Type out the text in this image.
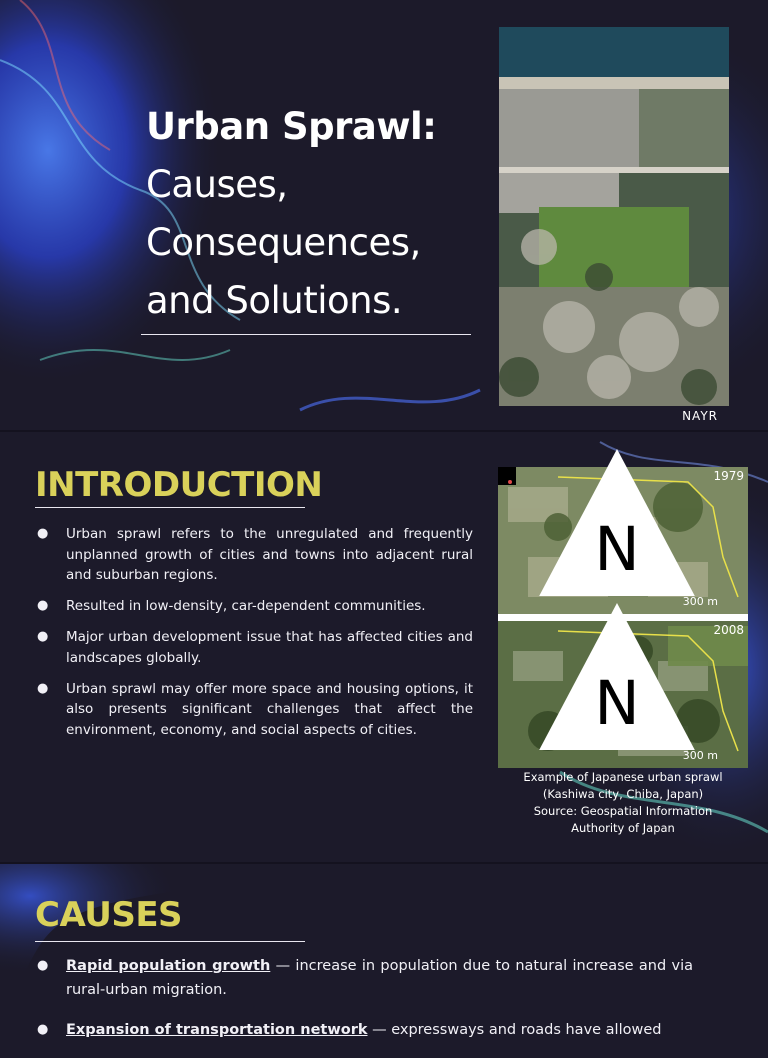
Urban Sprawl:
Causes,
Consequences,
and Solutions.
NAYR
INTRODUCTION
● Urban sprawl refers to the unregulated and frequently unplanned growth of cities and towns into adjacent rural and suburban regions.
● Resulted in low-density, car-dependent communities.
● Major urban development issue that has affected cities and landscapes globally.
● Urban sprawl may offer more space and housing options, it also presents significant challenges that affect the environment, economy, and social aspects of cities.
1979
N
300 m
2008
N
300 m
Example of Japanese urban sprawl
(Kashiwa city, Chiba, Japan)
Source: Geospatial Information
Authority of Japan
CAUSES
● Rapid population growth — increase in population due to natural increase and via rural-urban migration.
● Expansion of transportation network — expressways and roads have allowed
